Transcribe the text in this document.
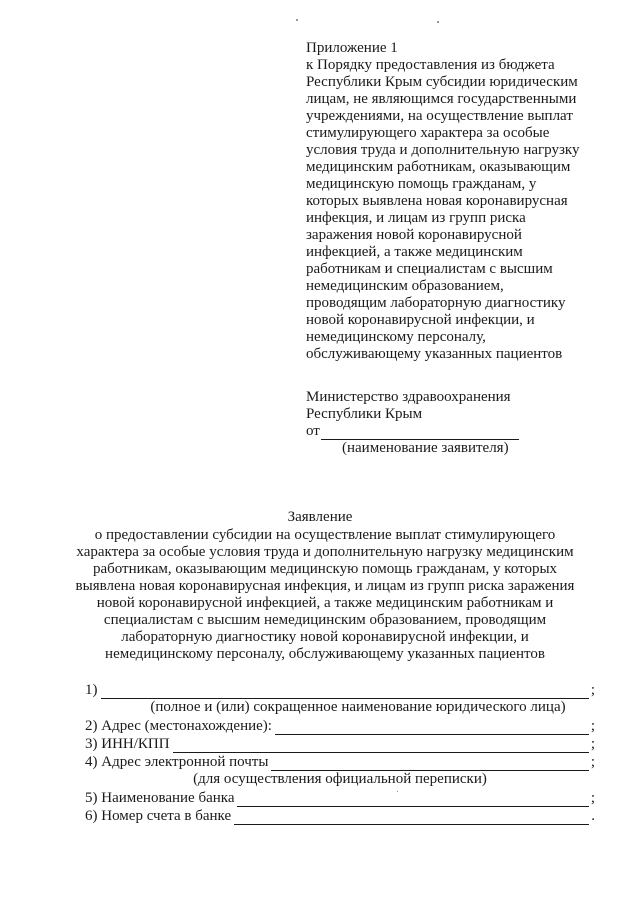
Приложение 1
к Порядку предоставления из бюджета
Республики Крым субсидии юридическим
лицам, не являющимся государственными
учреждениями, на осуществление выплат
стимулирующего характера за особые
условия труда и дополнительную нагрузку
медицинским работникам, оказывающим
медицинскую помощь гражданам, у
которых выявлена новая коронавирусная
инфекция, и лицам из групп риска
заражения новой коронавирусной
инфекцией, а также медицинским
работникам и специалистам с высшим
немедицинским образованием,
проводящим лабораторную диагностику
новой коронавирусной инфекции, и
немедицинскому персоналу,
обслуживающему указанных пациентов
Министерство здравоохранения
Республики Крым
от
(наименование заявителя)
Заявление
о предоставлении субсидии на осуществление выплат стимулирующего
характера за особые условия труда и дополнительную нагрузку медицинским
работникам, оказывающим медицинскую помощь гражданам, у которых
выявлена новая коронавирусная инфекция, и лицам из групп риска заражения
новой коронавирусной инфекцией, а также медицинским работникам и
специалистам с высшим немедицинским образованием, проводящим
лабораторную диагностику новой коронавирусной инфекции, и
немедицинскому персоналу, обслуживающему указанных пациентов
1)	;
(полное и (или) сокращенное наименование юридического лица)
2) Адрес (местонахождение):	;
3) ИНН/КПП	;
4) Адрес электронной почты	;
(для осуществления официальной переписки)
5) Наименование банка	;
6) Номер счета в банке	.
